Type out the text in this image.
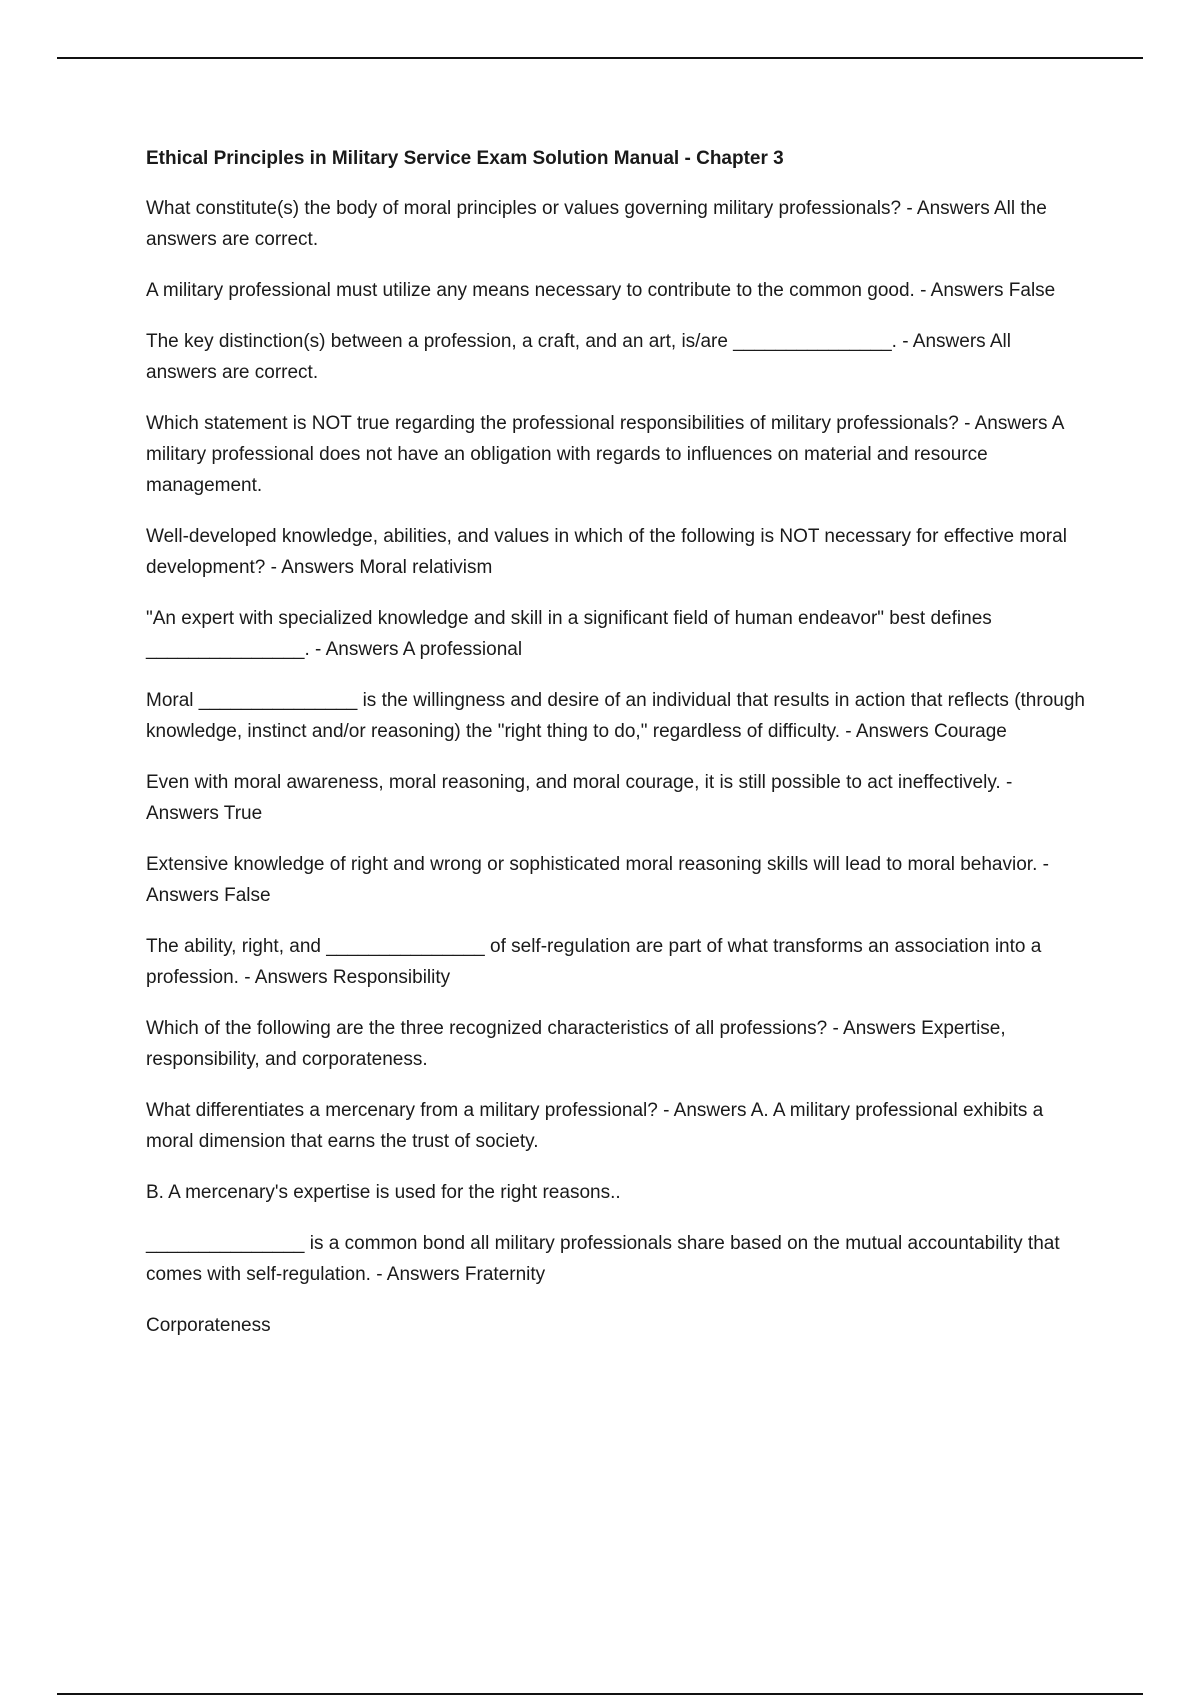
Ethical Principles in Military Service Exam Solution Manual - Chapter 3

What constitute(s) the body of moral principles or values governing military professionals? - Answers All the answers are correct.

A military professional must utilize any means necessary to contribute to the common good. - Answers False

The key distinction(s) between a profession, a craft, and an art, is/are _______________. - Answers All answers are correct.

Which statement is NOT true regarding the professional responsibilities of military professionals? - Answers A military professional does not have an obligation with regards to influences on material and resource management.

Well-developed knowledge, abilities, and values in which of the following is NOT necessary for effective moral development? - Answers Moral relativism

"An expert with specialized knowledge and skill in a significant field of human endeavor" best defines _______________. - Answers A professional

Moral _______________ is the willingness and desire of an individual that results in action that reflects (through knowledge, instinct and/or reasoning) the "right thing to do," regardless of difficulty. - Answers Courage

Even with moral awareness, moral reasoning, and moral courage, it is still possible to act ineffectively. - Answers True

Extensive knowledge of right and wrong or sophisticated moral reasoning skills will lead to moral behavior. - Answers False

The ability, right, and _______________ of self-regulation are part of what transforms an association into a profession. - Answers Responsibility

Which of the following are the three recognized characteristics of all professions? - Answers Expertise, responsibility, and corporateness.

What differentiates a mercenary from a military professional? - Answers A. A military professional exhibits a moral dimension that earns the trust of society.

B. A mercenary's expertise is used for the right reasons..

_______________ is a common bond all military professionals share based on the mutual accountability that comes with self-regulation. - Answers Fraternity

Corporateness
